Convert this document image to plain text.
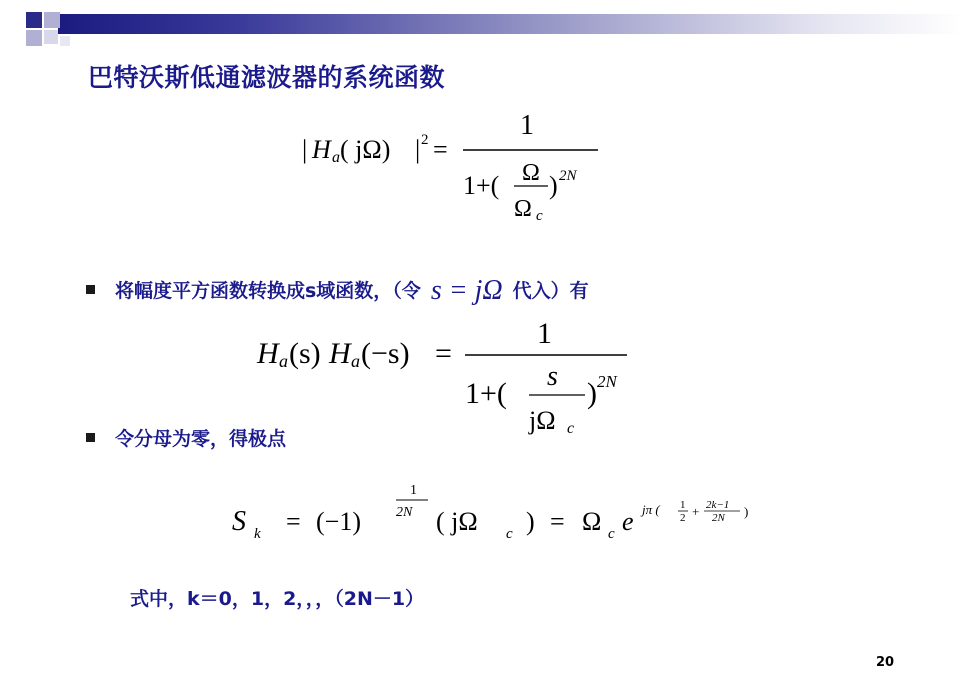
巴特沃斯低通滤波器的系统函数
| H a ( jΩ) | 2 =
1
1+( Ω
Ω c
) 2N
将幅度平方函数转换成s域函数，（令 s = jΩ 代入）有
H a (s) H a (−s) =
1
1+(
s
jΩ c
) 2N
令分母为零，得极点
S k = (−1)
1
2N ( jΩ c ) = Ω c e jπ ( 1
2 + 2k−1
2N )
式中，k＝0，1，2，，，（2N－1）
20
